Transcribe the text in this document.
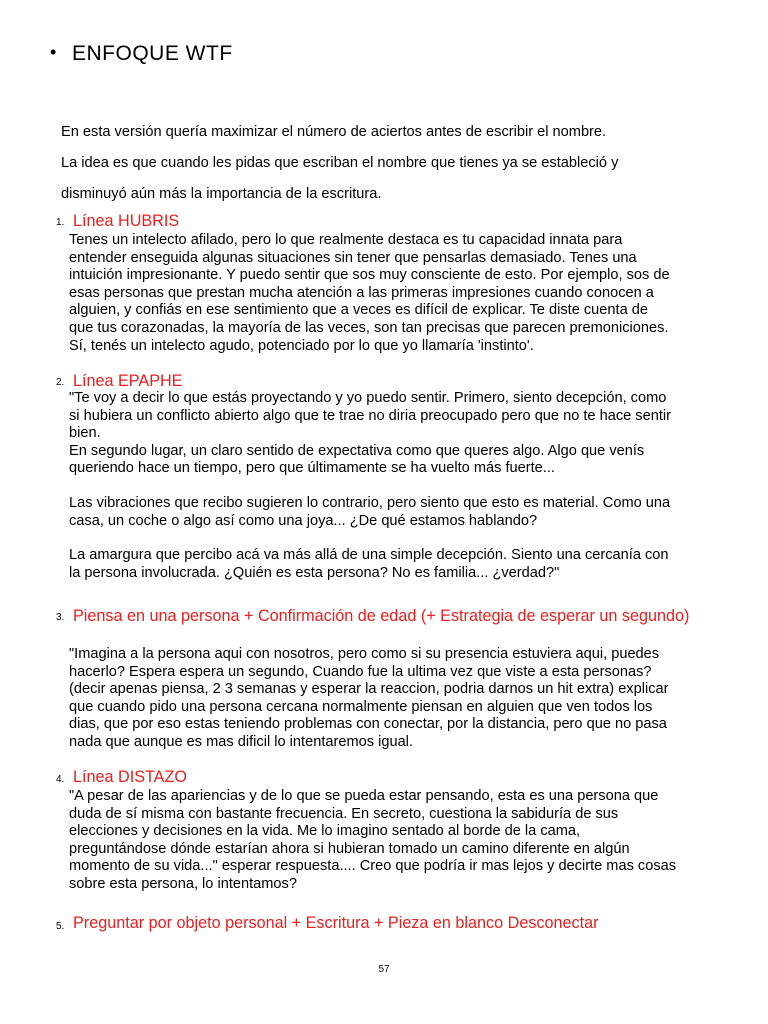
• ENFOQUE WTF
En esta versión quería maximizar el número de aciertos antes de escribir el nombre.
La idea es que cuando les pidas que escriban el nombre que tienes ya se estableció y
disminuyó aún más la importancia de la escritura.
1. Línea HUBRIS

Tenes un intelecto afilado, pero lo que realmente destaca es tu capacidad innata para

entender enseguida algunas situaciones sin tener que pensarlas demasiado. Tenes una

intuición impresionante. Y puedo sentir que sos muy consciente de esto. Por ejemplo, sos de

esas personas que prestan mucha atención a las primeras impresiones cuando conocen a

alguien, y confiás en ese sentimiento que a veces es difícil de explicar. Te diste cuenta de

que tus corazonadas, la mayoría de las veces, son tan precisas que parecen premoniciones.

Sí, tenés un intelecto agudo, potenciado por lo que yo llamaría 'instinto'.

2. Línea EPAPHE

"Te voy a decir lo que estás proyectando y yo puedo sentir. Primero, siento decepción, como

si hubiera un conflicto abierto algo que te trae no diria preocupado pero que no te hace sentir

bien.

En segundo lugar, un claro sentido de expectativa como que queres algo. Algo que venís

queriendo hace un tiempo, pero que últimamente se ha vuelto más fuerte...

Las vibraciones que recibo sugieren lo contrario, pero siento que esto es material. Como una

casa, un coche o algo así como una joya... ¿De qué estamos hablando?

La amargura que percibo acá va más allá de una simple decepción. Siento una cercanía con

la persona involucrada. ¿Quién es esta persona? No es familia... ¿verdad?"

3. Piensa en una persona + Confirmación de edad (+ Estrategia de esperar un segundo)

"Imagina a la persona aqui con nosotros, pero como si su presencia estuviera aqui, puedes

hacerlo? Espera espera un segundo, Cuando fue la ultima vez que viste a esta personas?

(decir apenas piensa, 2 3 semanas y esperar la reaccion, podria darnos un hit extra) explicar

que cuando pido una persona cercana normalmente piensan en alguien que ven todos los

dias, que por eso estas teniendo problemas con conectar, por la distancia, pero que no pasa

nada que aunque es mas dificil lo intentaremos igual.

4. Línea DISTAZO

"A pesar de las apariencias y de lo que se pueda estar pensando, esta es una persona que

duda de sí misma con bastante frecuencia. En secreto, cuestiona la sabiduría de sus

elecciones y decisiones en la vida. Me lo imagino sentado al borde de la cama,

preguntándose dónde estarían ahora si hubieran tomado un camino diferente en algún

momento de su vida..." esperar respuesta.... Creo que podría ir mas lejos y decirte mas cosas

sobre esta persona, lo intentamos?

5. Preguntar por objeto personal + Escritura + Pieza en blanco Desconectar
57
